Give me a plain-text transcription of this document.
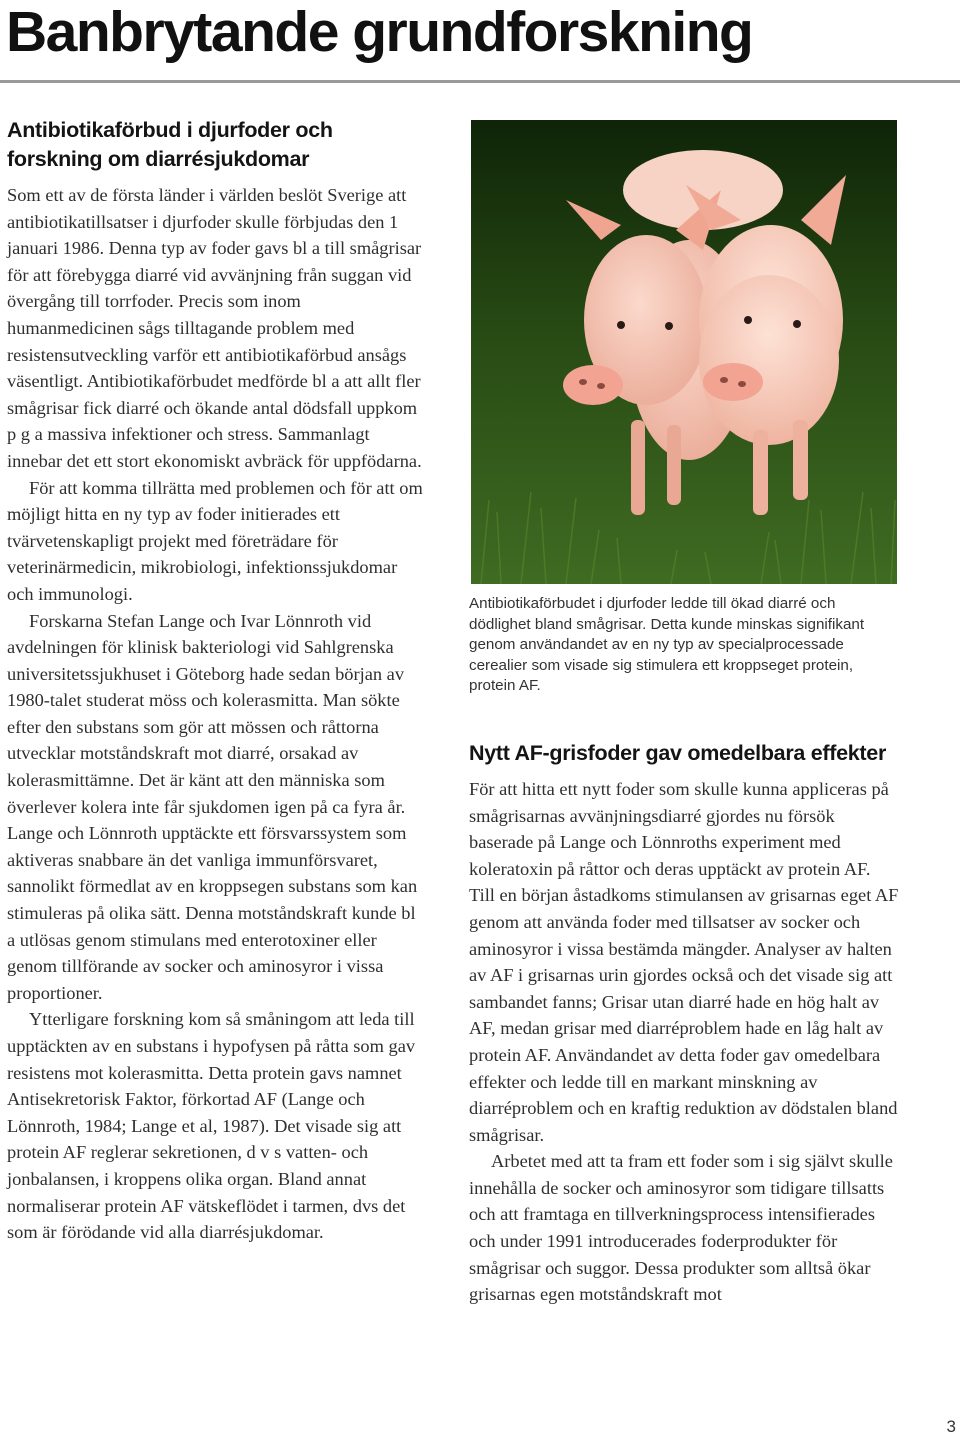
Banbrytande grundforskning
Antibiotikaförbud i djurfoder och forskning om diarrésjukdomar

Som ett av de första länder i världen beslöt Sverige att antibiotikatillsatser i djurfoder skulle förbjudas den 1 januari 1986. Denna typ av foder gavs bl a till smågrisar för att förebygga diarré vid avvänjning från suggan vid övergång till torrfoder. Precis som inom humanmedicinen sågs tilltagande problem med resistensutveckling varför ett antibiotikaförbud ansågs väsentligt. Antibiotikaförbudet medförde bl a att allt fler smågrisar fick diarré och ökande antal dödsfall uppkom p g a massiva infektioner och stress. Sammanlagt innebar det ett stort ekonomiskt avbräck för uppfödarna.

För att komma tillrätta med problemen och för att om möjligt hitta en ny typ av foder initierades ett tvärvetenskapligt projekt med företrädare för veterinärmedicin, mikrobiologi, infektionssjukdomar och immunologi.

Forskarna Stefan Lange och Ivar Lönnroth vid avdelningen för klinisk bakteriologi vid Sahlgrenska universitetssjukhuset i Göteborg hade sedan början av 1980-talet studerat möss och kolerasmitta. Man sökte efter den substans som gör att mössen och råttorna utvecklar motståndskraft mot diarré, orsakad av kolerasmittämne. Det är känt att den människa som överlever kolera inte får sjukdomen igen på ca fyra år. Lange och Lönnroth upptäckte ett försvarssystem som aktiveras snabbare än det vanliga immunförsvaret, sannolikt förmedlat av en kroppsegen substans som kan stimuleras på olika sätt. Denna motståndskraft kunde bl a utlösas genom stimulans med enterotoxiner eller genom tillförande av socker och aminosyror i vissa proportioner.

Ytterligare forskning kom så småningom att leda till upptäckten av en substans i hypofysen på råtta som gav resistens mot kolerasmitta. Detta protein gavs namnet Antisekretorisk Faktor, förkortad AF (Lange och Lönnroth, 1984; Lange et al, 1987). Det visade sig att protein AF reglerar sekretionen, d v s vatten- och jonbalansen, i kroppens olika organ. Bland annat normaliserar protein AF vätskeflödet i tarmen, dvs det som är förödande vid alla diarrésjukdomar.

Antibiotikaförbudet i djurfoder ledde till ökad diarré och dödlighet bland smågrisar. Detta kunde minskas signifikant genom användandet av en ny typ av specialprocessade cerealier som visade sig stimulera ett kroppseget protein, protein AF.

Nytt AF-grisfoder gav omedelbara effekter

För att hitta ett nytt foder som skulle kunna appliceras på smågrisarnas avvänjningsdiarré gjordes nu försök baserade på Lange och Lönnroths experiment med koleratoxin på råttor och deras upptäckt av protein AF. Till en början åstadkoms stimulansen av grisarnas eget AF genom att använda foder med tillsatser av socker och aminosyror i vissa bestämda mängder. Analyser av halten av AF i grisarnas urin gjordes också och det visade sig att sambandet fanns; Grisar utan diarré hade en hög halt av AF, medan grisar med diarréproblem hade en låg halt av protein AF. Användandet av detta foder gav omedelbara effekter och ledde till en markant minskning av diarréproblem och en kraftig reduktion av dödstalen bland smågrisar.

Arbetet med att ta fram ett foder som i sig självt skulle innehålla de socker och aminosyror som tidigare tillsatts och att framtaga en tillverkningsprocess intensifierades och under 1991 introducerades foderprodukter för smågrisar och suggor. Dessa produkter som alltså ökar grisarnas egen motståndskraft mot

3
